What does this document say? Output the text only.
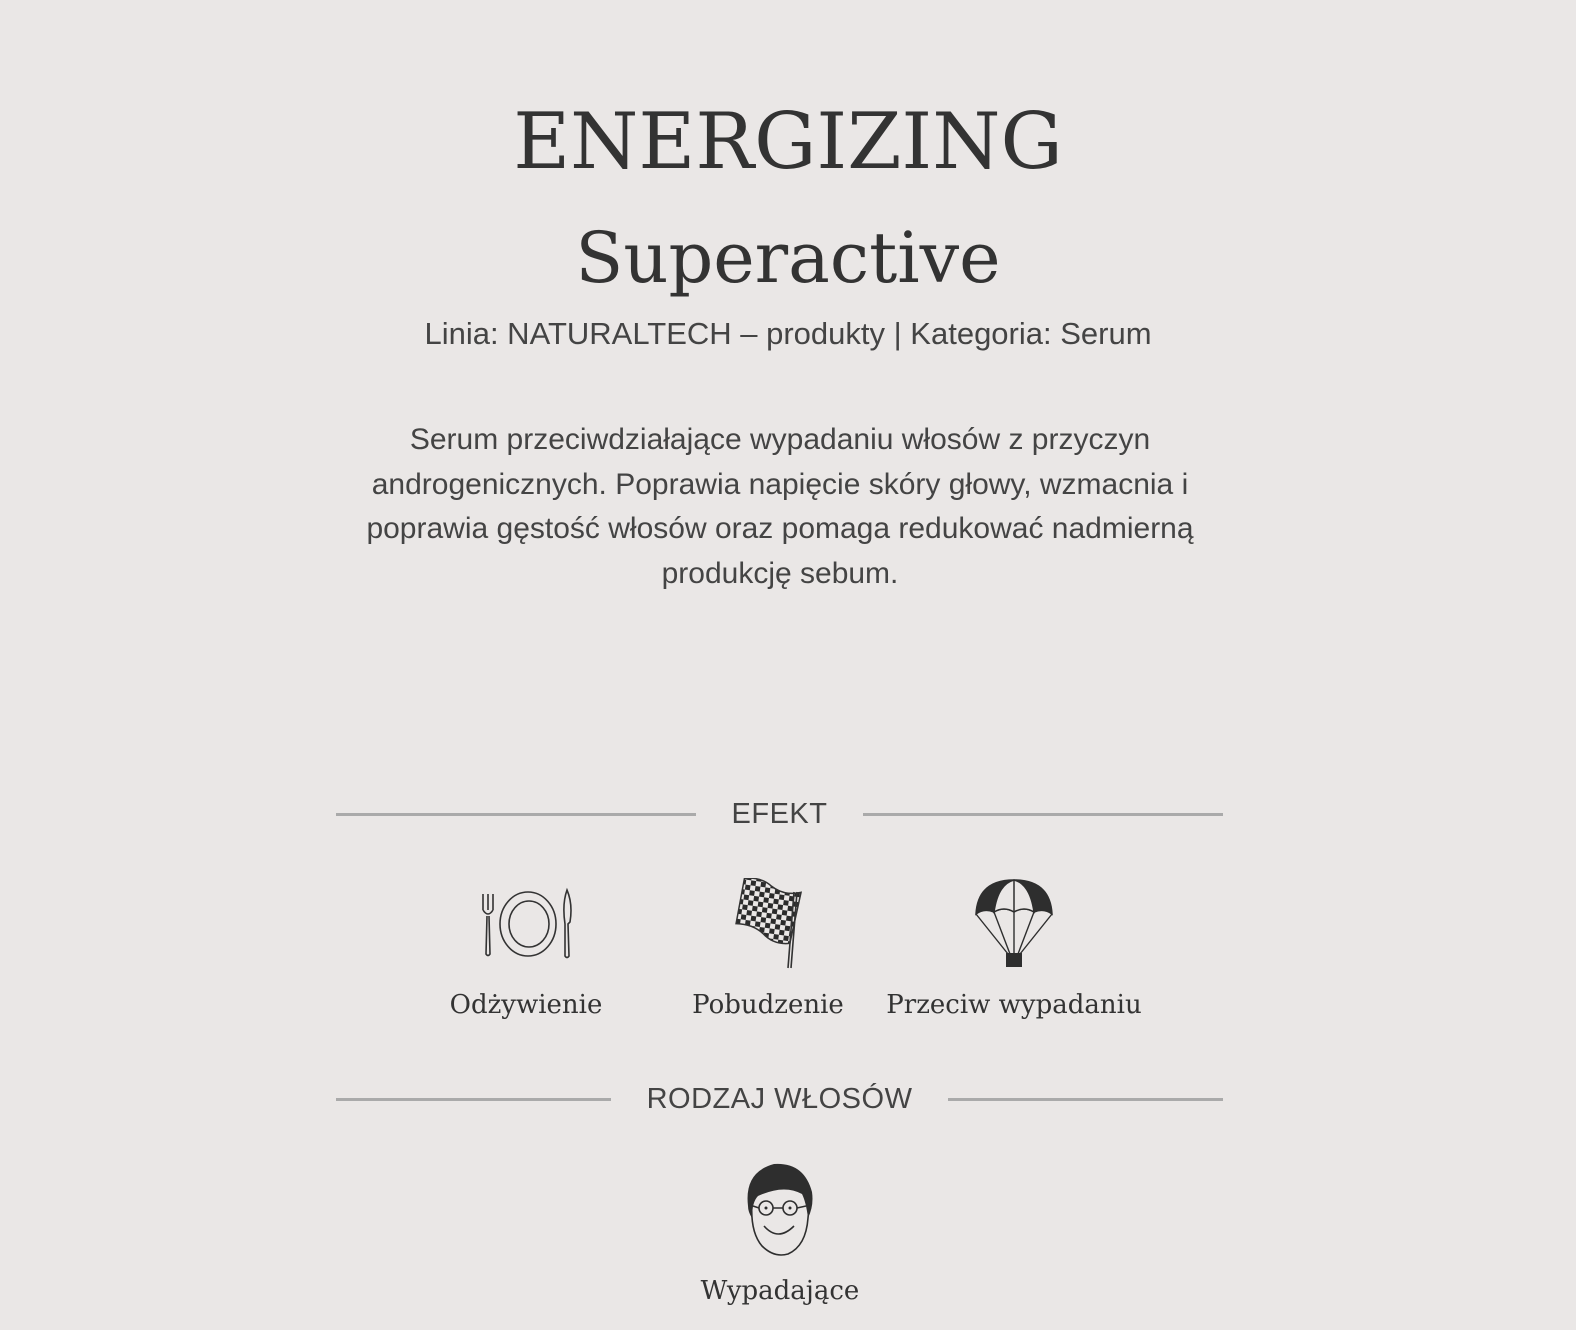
ENERGIZING
Superactive
Linia: NATURALTECH – produkty | Kategoria: Serum
Serum przeciwdziałające wypadaniu włosów z przyczyn androgenicznych. Poprawia napięcie skóry głowy, wzmacnia i poprawia gęstość włosów oraz pomaga redukować nadmierną produkcję sebum.
EFEKT
Odżywienie	Pobudzenie Przeciw wypadaniu
RODZAJ WŁOSÓW
Wypadające
